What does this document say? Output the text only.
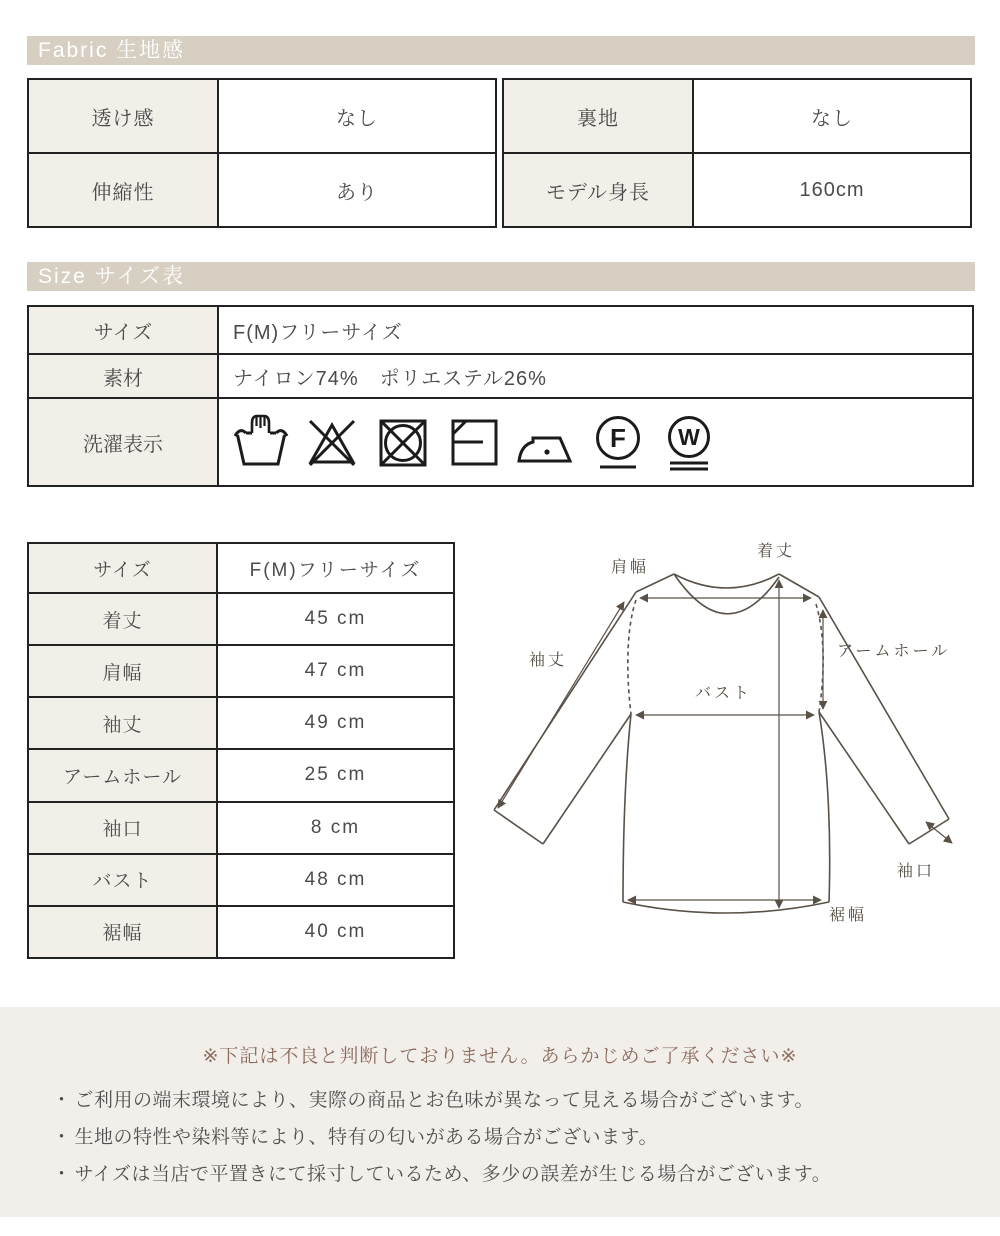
Fabric 生地感
透け感	なし
伸縮性	あり
裏地	なし
モデル身長	160cm
Size サイズ表
サイズ	F(M)フリーサイズ
素材	ナイロン74%　ポリエステル26%
洗濯表示	F W
サイズ	F(M)フリーサイズ
着丈	45 cm
肩幅	47 cm
袖丈	49 cm
アームホール	25 cm
袖口	8 cm
バスト	48 cm
裾幅	40 cm
着丈
肩幅
袖丈
アームホール
バスト
袖口
裾幅
※下記は不良と判断しておりません。あらかじめご了承ください※
・ ご利用の端末環境により、実際の商品とお色味が異なって見える場合がございます。
・ 生地の特性や染料等により、特有の匂いがある場合がございます。
・ サイズは当店で平置きにて採寸しているため、多少の誤差が生じる場合がございます。
